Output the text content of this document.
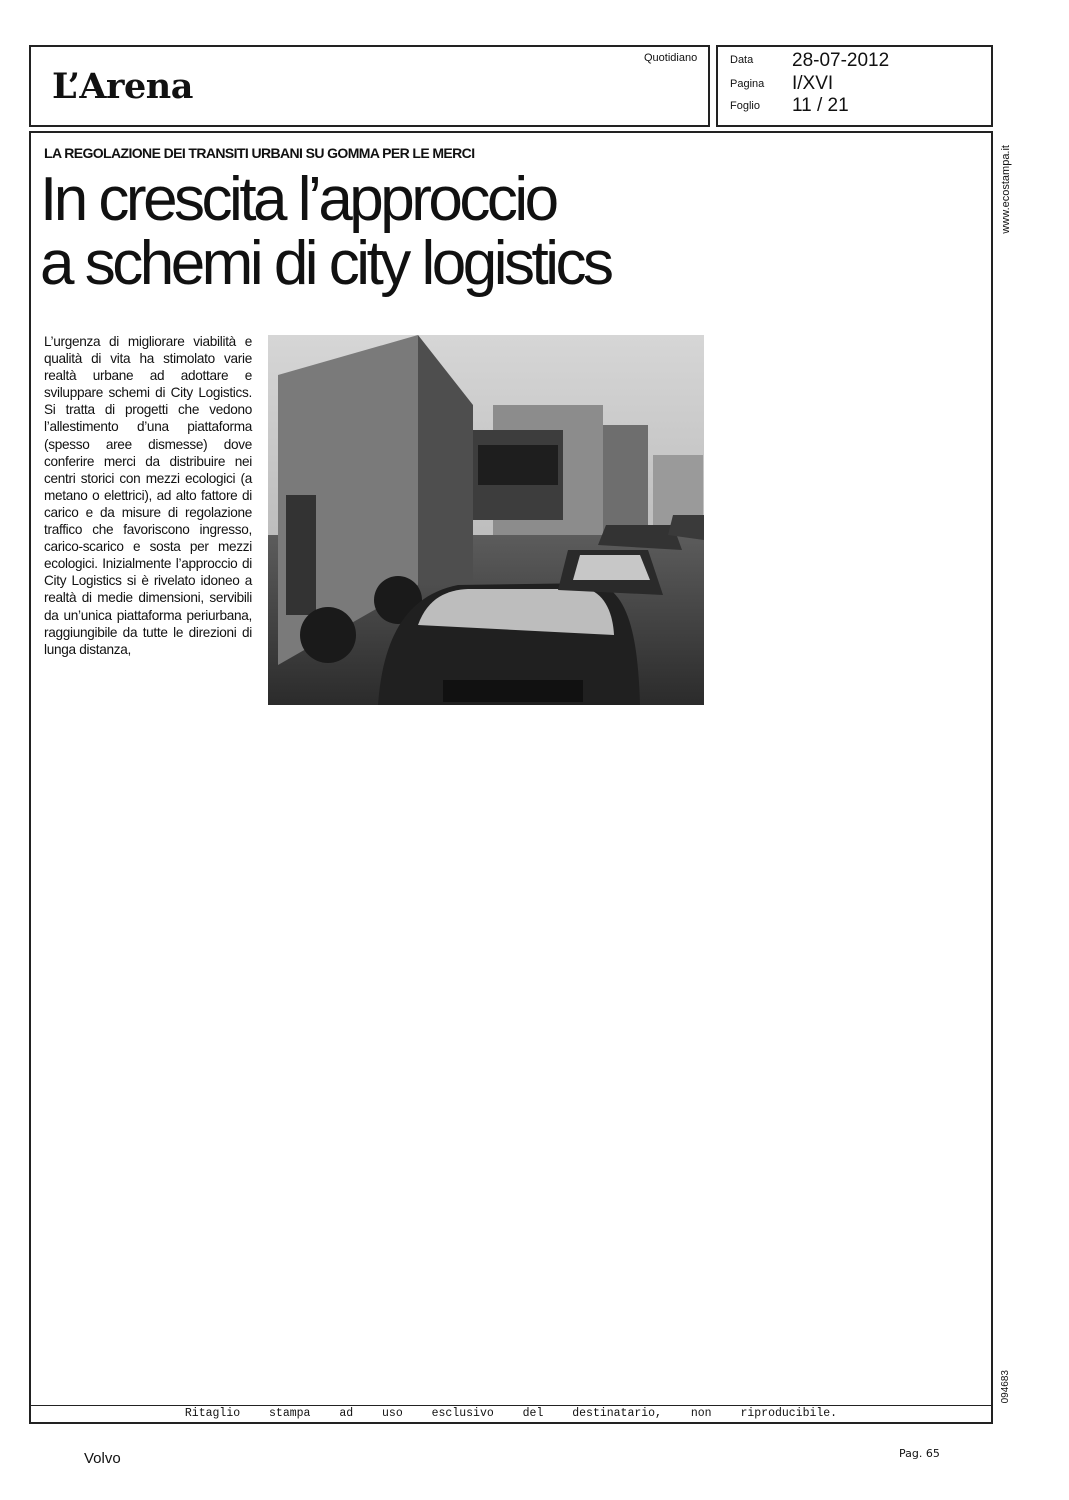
L’Arena
Quotidiano	Data 28-07-2012
Pagina I/XVI
Foglio 11 / 21
Ritaglio stampa ad uso esclusivo del destinatario, non riproducibile.
www.ecostampa.it
094683
LA REGOLAZIONE DEI TRANSITI URBANI SU GOMMA PER LE MERCI
In crescita l’approccio
a schemi di city logistics
L’urgenza di migliorare viabilità e qualità di vita ha stimolato varie realtà urbane ad adottare e sviluppare schemi di City Logistics. Si tratta di progetti che vedono l’allestimento d’una piattaforma (spesso aree dismesse) dove conferire merci da distribuire nei centri storici con mezzi ecologici (a metano o elettrici), ad alto fattore di carico e da misure di regolazione traffico che favoriscono ingresso, carico-scarico e sosta per mezzi ecologici. Inizialmente l’approccio di City Logistics si è rivelato idoneo a realtà di medie dimensioni, servibili da un’unica piattaforma periurbana, raggiungibile da tutte le direzioni di lunga distanza,
Volvo	Pag. 65
